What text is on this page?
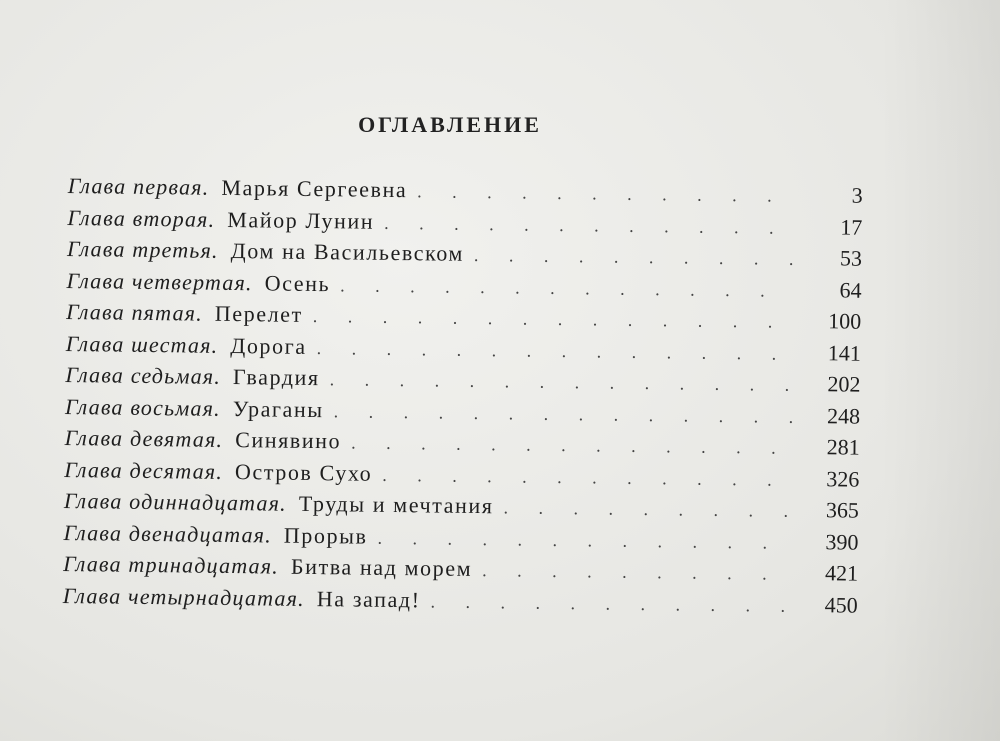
ОГЛАВЛЕНИЕ
Глава первая. Марья Сергеевна . . .	3
Глава вторая. Майор Лунин . . .	17
Глава третья. Дом на Васильевском . . .	53
Глава четвертая. Осень . . .	64
Глава пятая. Перелет . . .	100
Глава шестая. Дорога . . .	141
Глава седьмая. Гвардия . . .	202
Глава восьмая. Ураганы . . .	248
Глава девятая. Синявино . . .	281
Глава десятая. Остров Сухо . . .	326
Глава одиннадцатая. Труды и мечтания . . .	365
Глава двенадцатая. Прорыв . . .	390
Глава тринадцатая. Битва над морем . . .	421
Глава четырнадцатая. На запад! . . .	450
